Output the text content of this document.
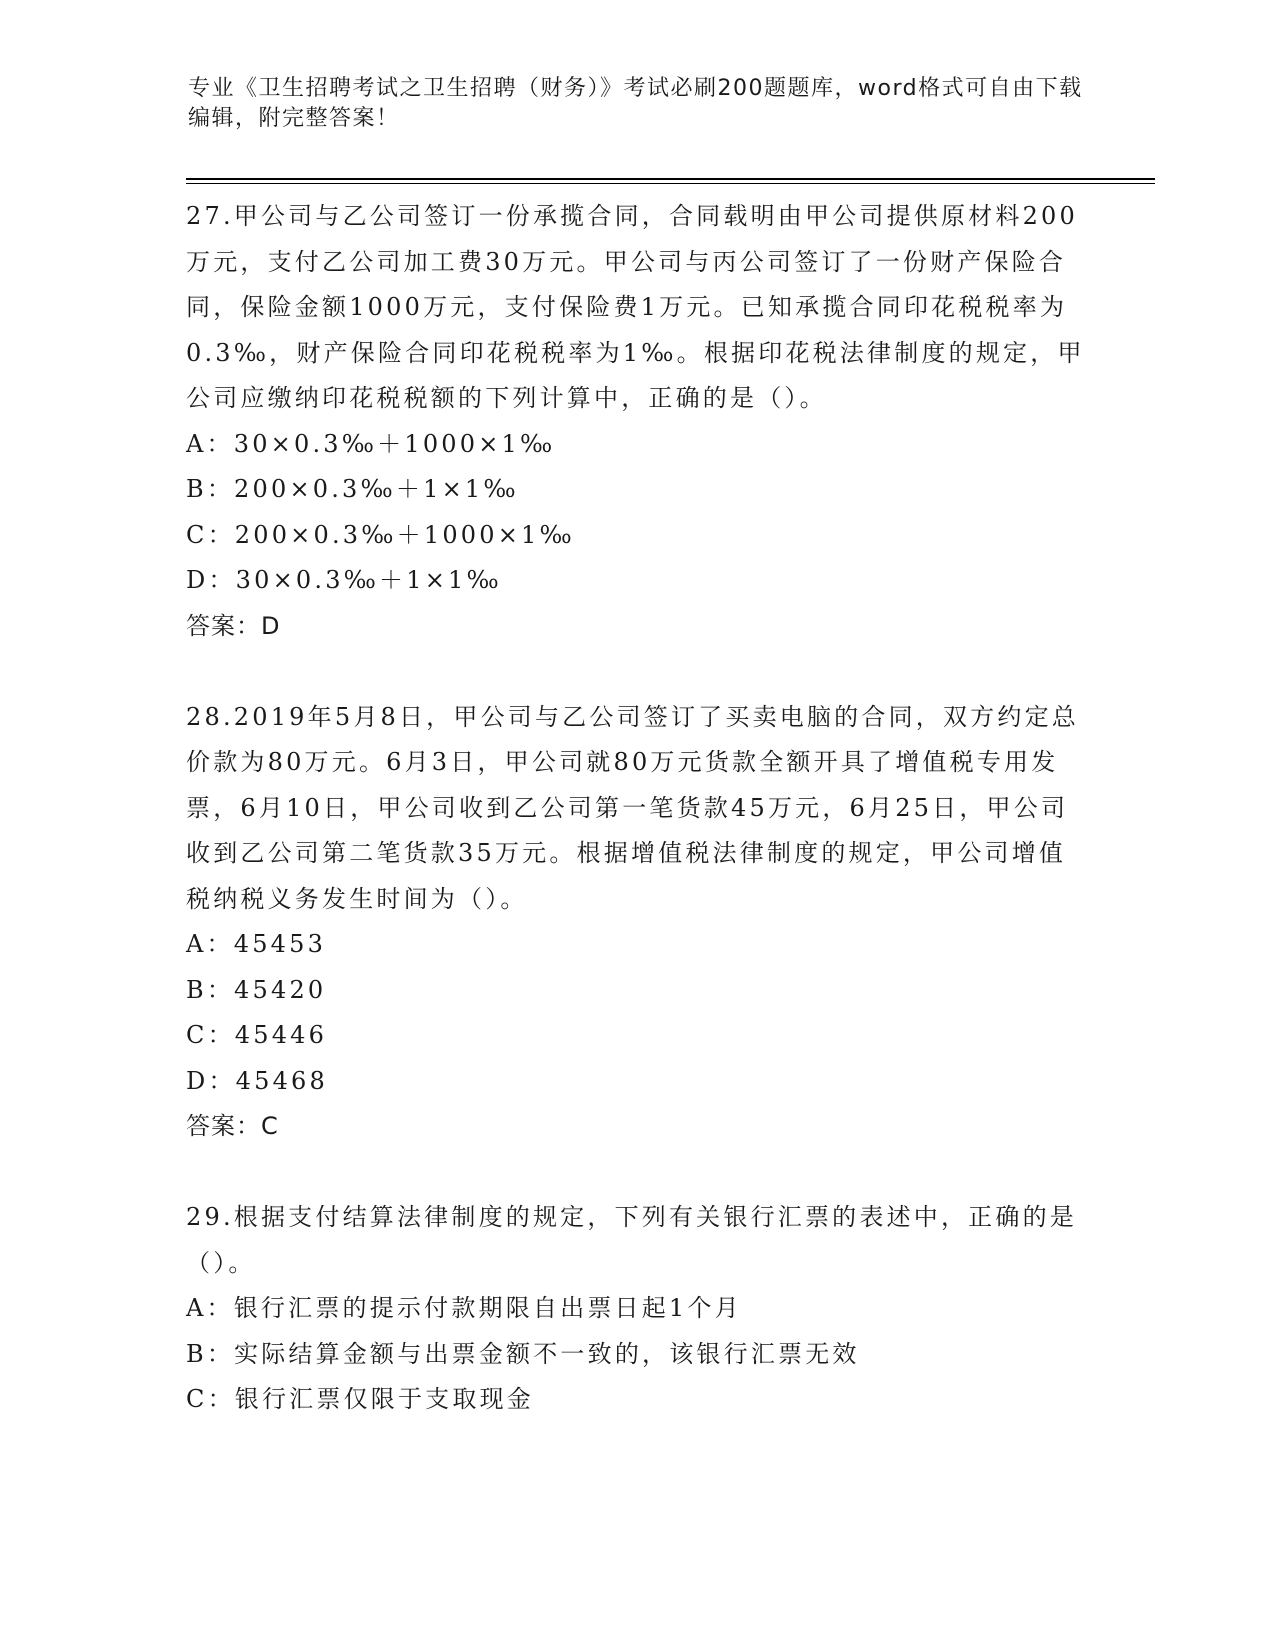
专业《卫生招聘考试之卫生招聘（财务）》考试必刷200题题库，word格式可自由下载编辑，附完整答案！
27.甲公司与乙公司签订一份承揽合同，合同载明由甲公司提供原材料200万元，支付乙公司加工费30万元。甲公司与丙公司签订了一份财产保险合同，保险金额1000万元，支付保险费1万元。已知承揽合同印花税税率为0.3‰，财产保险合同印花税税率为1‰。根据印花税法律制度的规定，甲公司应缴纳印花税税额的下列计算中，正确的是（）。
A：30×0.3‰＋1000×1‰
B：200×0.3‰＋1×1‰
C：200×0.3‰＋1000×1‰
D：30×0.3‰＋1×1‰
答案：D
28.2019年5月8日，甲公司与乙公司签订了买卖电脑的合同，双方约定总价款为80万元。6月3日，甲公司就80万元货款全额开具了增值税专用发票，6月10日，甲公司收到乙公司第一笔货款45万元，6月25日，甲公司收到乙公司第二笔货款35万元。根据增值税法律制度的规定，甲公司增值税纳税义务发生时间为（）。
A：45453
B：45420
C：45446
D：45468
答案：C
29.根据支付结算法律制度的规定，下列有关银行汇票的表述中，正确的是（）。
A：银行汇票的提示付款期限自出票日起1个月
B：实际结算金额与出票金额不一致的，该银行汇票无效
C：银行汇票仅限于支取现金
